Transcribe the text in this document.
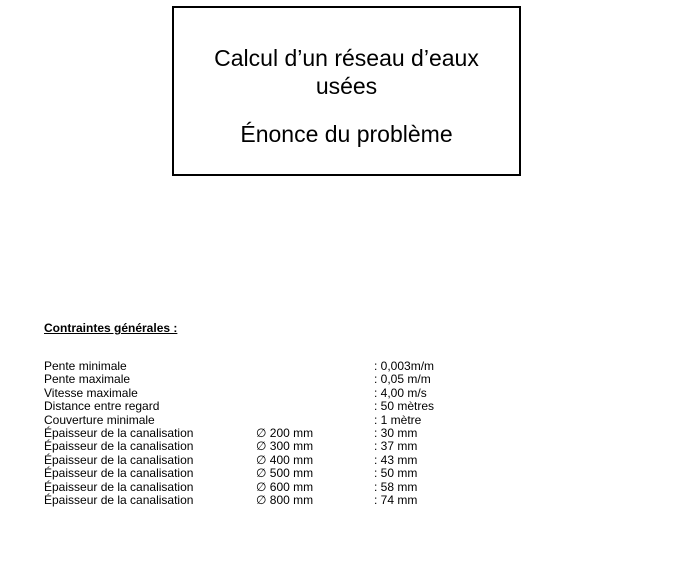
Calcul d’un réseau d’eaux

usées

Énonce du problème

Contraintes générales :

Pente minimale	: 0,003m/m
Pente maximale	: 0,05 m/m
Vitesse maximale	: 4,00 m/s
Distance entre regard	: 50 mètres
Couverture minimale	: 1 mètre
Épaisseur de la canalisation	∅ 200 mm	: 30 mm
Épaisseur de la canalisation	∅ 300 mm	: 37 mm
Épaisseur de la canalisation	∅ 400 mm	: 43 mm
Épaisseur de la canalisation	∅ 500 mm	: 50 mm
Épaisseur de la canalisation	∅ 600 mm	: 58 mm
Épaisseur de la canalisation	∅ 800 mm	: 74 mm
